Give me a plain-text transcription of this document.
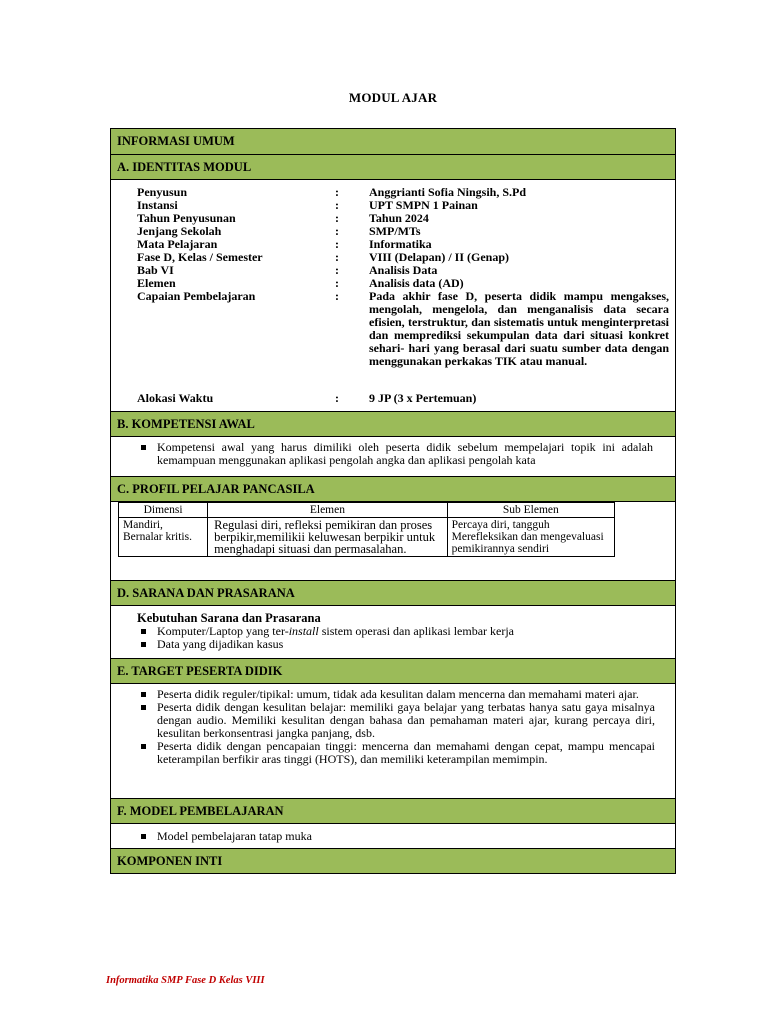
MODUL AJAR
INFORMASI UMUM
A. IDENTITAS MODUL
Penyusun	:	Anggrianti Sofia Ningsih, S.Pd
Instansi	:	UPT SMPN 1 Painan
Tahun Penyusunan	:	Tahun 2024
Jenjang Sekolah	:	SMP/MTs
Mata Pelajaran	:	Informatika
Fase D, Kelas / Semester	:	VIII (Delapan) / II (Genap)
Bab VI	:	Analisis Data
Elemen	:	Analisis data (AD)
Capaian Pembelajaran	:	Pada akhir fase D, peserta didik mampu mengakses, mengolah, mengelola, dan menganalisis data secara efisien, terstruktur, dan sistematis untuk menginterpretasi dan memprediksi sekumpulan data dari situasi konkret sehari- hari yang berasal dari suatu sumber data dengan menggunakan perkakas TIK atau manual.
Alokasi Waktu	:	9 JP (3 x Pertemuan)
B. KOMPETENSI AWAL
Kompetensi awal yang harus dimiliki oleh peserta didik sebelum mempelajari topik ini adalah kemampuan menggunakan aplikasi pengolah angka dan aplikasi pengolah kata
C. PROFIL PELAJAR PANCASILA
Dimensi	Elemen	Sub Elemen
Mandiri, Bernalar kritis.	Regulasi diri, refleksi pemikiran dan proses berpikir,memilikii keluwesan berpikir untuk menghadapi situasi dan permasalahan.	Percaya diri, tangguh Merefleksikan dan mengevaluasi pemikirannya sendiri
D. SARANA DAN PRASARANA
Kebutuhan Sarana dan Prasarana
Komputer/Laptop yang ter-install sistem operasi dan aplikasi lembar kerja
Data yang dijadikan kasus
E. TARGET PESERTA DIDIK
Peserta didik reguler/tipikal: umum, tidak ada kesulitan dalam mencerna dan memahami materi ajar.
Peserta didik dengan kesulitan belajar: memiliki gaya belajar yang terbatas hanya satu gaya misalnya dengan audio. Memiliki kesulitan dengan bahasa dan pemahaman materi ajar, kurang percaya diri, kesulitan berkonsentrasi jangka panjang, dsb.
Peserta didik dengan pencapaian tinggi: mencerna dan memahami dengan cepat, mampu mencapai keterampilan berfikir aras tinggi (HOTS), dan memiliki keterampilan memimpin.
F. MODEL PEMBELAJARAN
Model pembelajaran tatap muka
KOMPONEN INTI
Informatika SMP Fase D Kelas VIII
